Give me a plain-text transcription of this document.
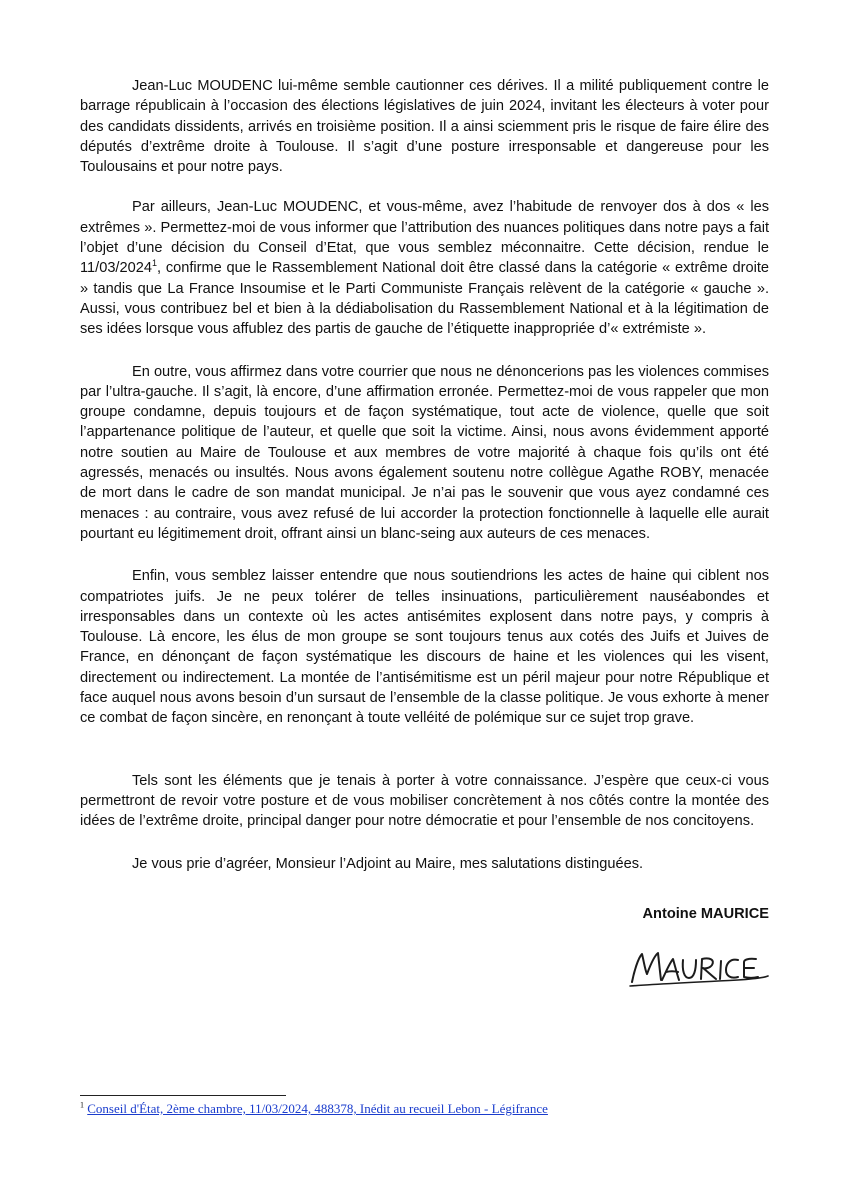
Jean-Luc MOUDENC lui-même semble cautionner ces dérives. Il a milité publiquement contre le barrage républicain à l’occasion des élections législatives de juin 2024, invitant les électeurs à voter pour des candidats dissidents, arrivés en troisième position. Il a ainsi sciemment pris le risque de faire élire des députés d’extrême droite à Toulouse. Il s’agit d’une posture irresponsable et dangereuse pour les Toulousains et pour notre pays.

Par ailleurs, Jean-Luc MOUDENC, et vous-même, avez l’habitude de renvoyer dos à dos « les extrêmes ». Permettez-moi de vous informer que l’attribution des nuances politiques dans notre pays a fait l’objet d’une décision du Conseil d’Etat, que vous semblez méconnaitre. Cette décision, rendue le 11/03/2024$^1$, confirme que le Rassemblement National doit être classé dans la catégorie « extrême droite » tandis que La France Insoumise et le Parti Communiste Français relèvent de la catégorie « gauche ». Aussi, vous contribuez bel et bien à la dédiabolisation du Rassemblement National et à la légitimation de ses idées lorsque vous affublez des partis de gauche de l’étiquette inappropriée d’« extrémiste ».

En outre, vous affirmez dans votre courrier que nous ne dénoncerions pas les violences commises par l’ultra-gauche. Il s’agit, là encore, d’une affirmation erronée. Permettez-moi de vous rappeler que mon groupe condamne, depuis toujours et de façon systématique, tout acte de violence, quelle que soit l’appartenance politique de l’auteur, et quelle que soit la victime. Ainsi, nous avons évidemment apporté notre soutien au Maire de Toulouse et aux membres de votre majorité à chaque fois qu’ils ont été agressés, menacés ou insultés. Nous avons également soutenu notre collègue Agathe ROBY, menacée de mort dans le cadre de son mandat municipal. Je n’ai pas le souvenir que vous ayez condamné ces menaces : au contraire, vous avez refusé de lui accorder la protection fonctionnelle à laquelle elle aurait pourtant eu légitimement droit, offrant ainsi un blanc-seing aux auteurs de ces menaces.

Enfin, vous semblez laisser entendre que nous soutiendrions les actes de haine qui ciblent nos compatriotes juifs. Je ne peux tolérer de telles insinuations, particulièrement nauséabondes et irresponsables dans un contexte où les actes antisémites explosent dans notre pays, y compris à Toulouse. Là encore, les élus de mon groupe se sont toujours tenus aux cotés des Juifs et Juives de France, en dénonçant de façon systématique les discours de haine et les violences qui les visent, directement ou indirectement. La montée de l’antisémitisme est un péril majeur pour notre République et face auquel nous avons besoin d’un sursaut de l’ensemble de la classe politique. Je vous exhorte à mener ce combat de façon sincère, en renonçant à toute velléité de polémique sur ce sujet trop grave.

Tels sont les éléments que je tenais à porter à votre connaissance. J’espère que ceux-ci vous permettront de revoir votre posture et de vous mobiliser concrètement à nos côtés contre la montée des idées de l’extrême droite, principal danger pour notre démocratie et pour l’ensemble de nos concitoyens.

Je vous prie d’agréer, Monsieur l’Adjoint au Maire, mes salutations distinguées.

Antoine MAURICE
$^1$ Conseil d'État, 2ème chambre, 11/03/2024, 488378, Inédit au recueil Lebon - Légifrance
